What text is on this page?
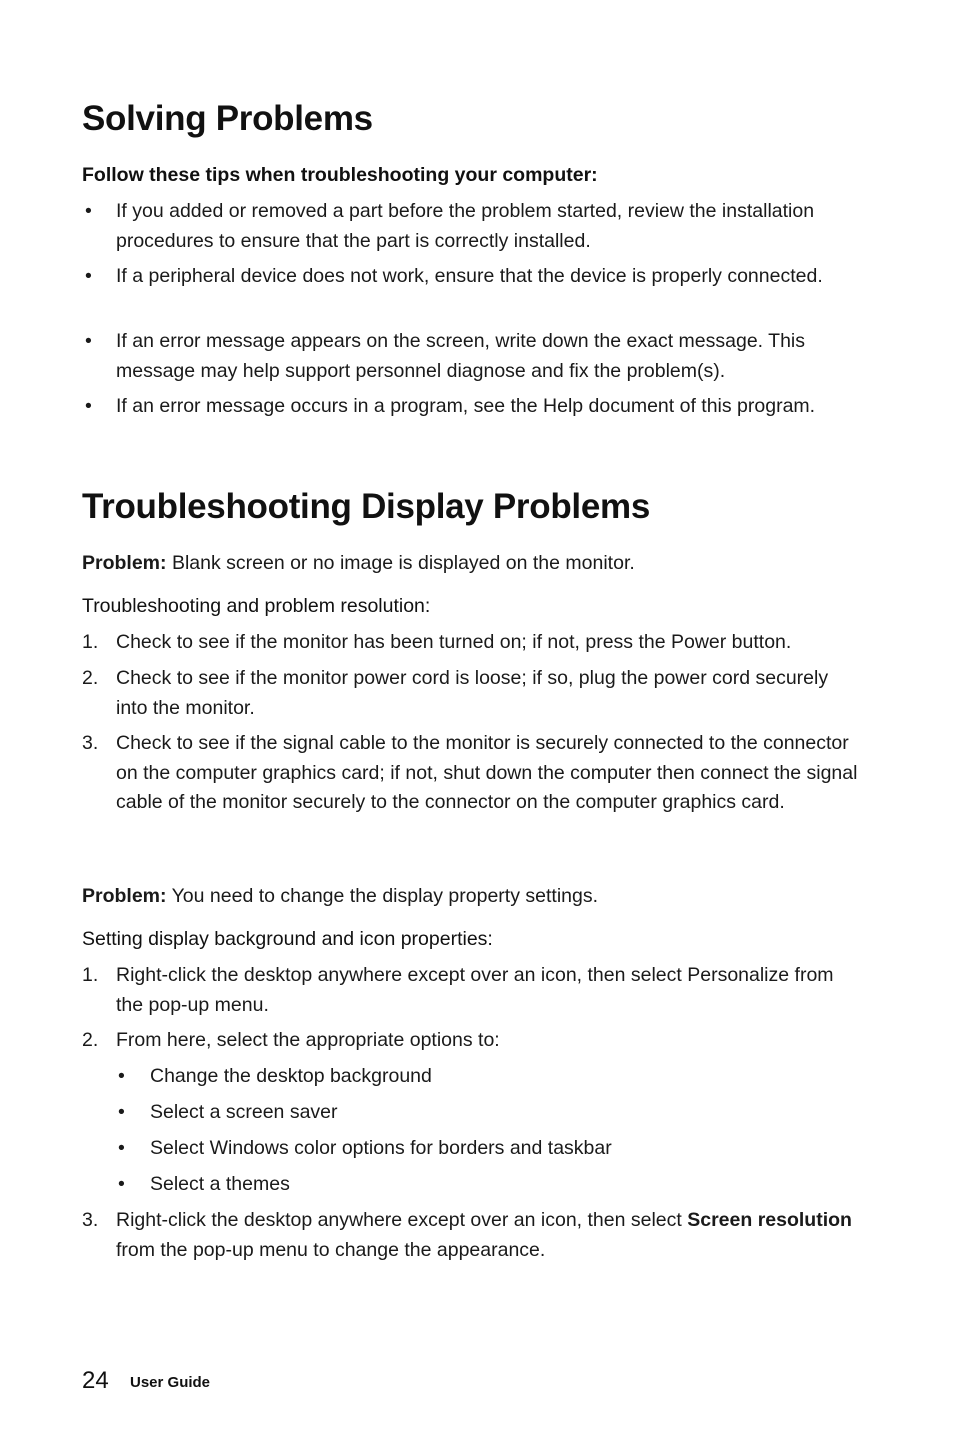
Solving Problems

Follow these tips when troubleshooting your computer:

• If you added or removed a part before the problem started, review the installation procedures to ensure that the part is correctly installed.
• If a peripheral device does not work, ensure that the device is properly connected.
• If an error message appears on the screen, write down the exact message. This message may help support personnel diagnose and fix the problem(s).
• If an error message occurs in a program, see the Help document of this program.
Troubleshooting Display Problems

Problem: Blank screen or no image is displayed on the monitor.

Troubleshooting and problem resolution:

1. Check to see if the monitor has been turned on; if not, press the Power button.
2. Check to see if the monitor power cord is loose; if so, plug the power cord securely into the monitor.
3. Check to see if the signal cable to the monitor is securely connected to the connector on the computer graphics card; if not, shut down the computer then connect the signal cable of the monitor securely to the connector on the computer graphics card.

Problem: You need to change the display property settings.

Setting display background and icon properties:

1. Right-click the desktop anywhere except over an icon, then select Personalize from the pop-up menu.
2. From here, select the appropriate options to:
• Change the desktop background
• Select a screen saver
• Select Windows color options for borders and taskbar
• Select a themes
3. Right-click the desktop anywhere except over an icon, then select Screen resolution from the pop-up menu to change the appearance.
24 User Guide
